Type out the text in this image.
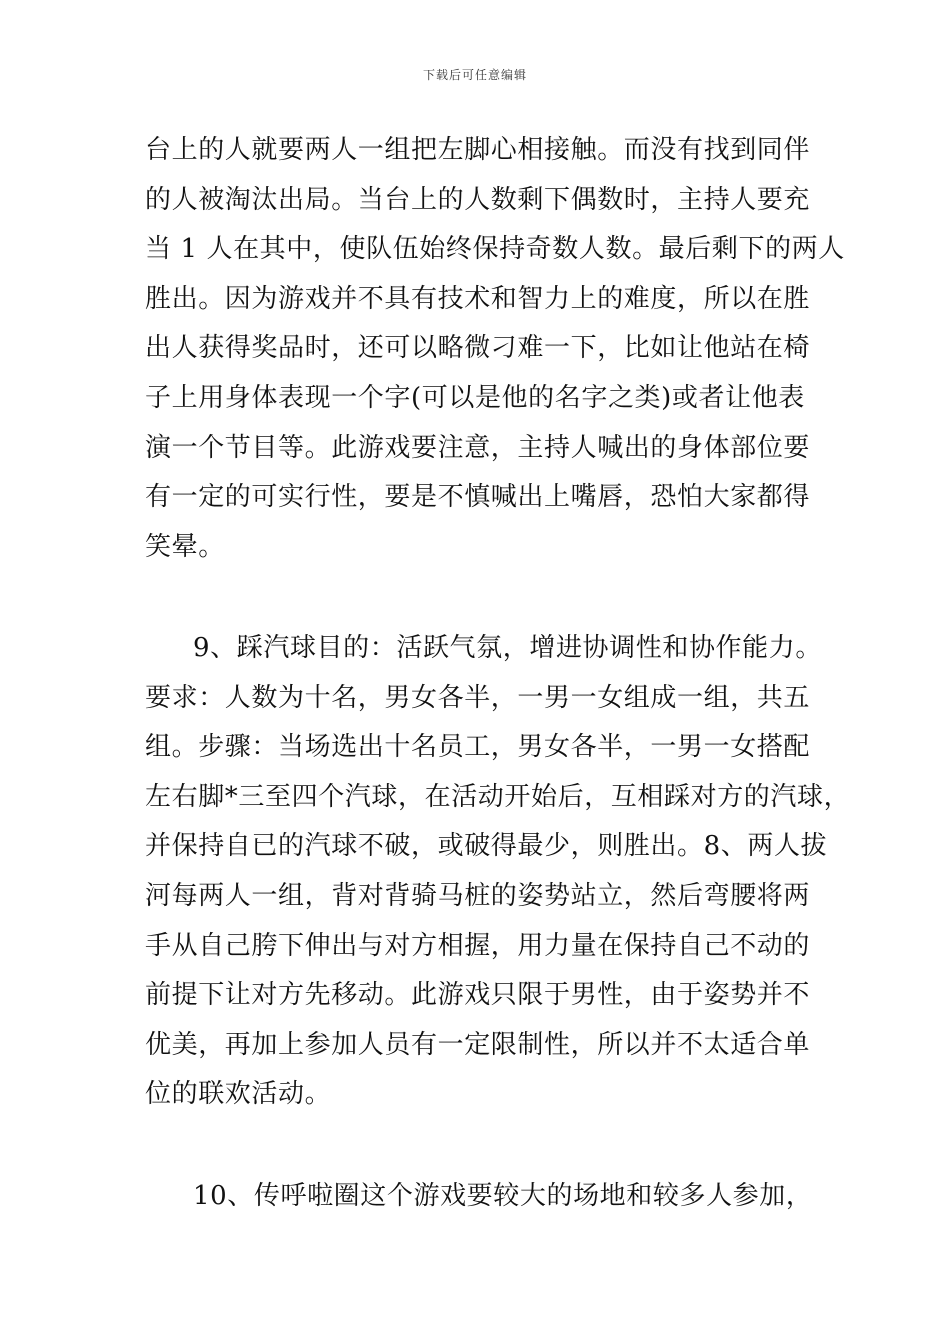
下载后可任意编辑
台上的人就要两人一组把左脚心相接触。而没有找到同伴
的人被淘汰出局。当台上的人数剩下偶数时，主持人要充
当 1 人在其中，使队伍始终保持奇数人数。最后剩下的两人
胜出。因为游戏并不具有技术和智力上的难度，所以在胜
出人获得奖品时，还可以略微刁难一下，比如让他站在椅
子上用身体表现一个字(可以是他的名字之类)或者让他表
演一个节目等。此游戏要注意，主持人喊出的身体部位要
有一定的可实行性，要是不慎喊出上嘴唇，恐怕大家都得
笑晕。
9、踩汽球目的：活跃气氛，增进协调性和协作能力。
要求：人数为十名，男女各半，一男一女组成一组，共五
组。步骤：当场选出十名员工，男女各半，一男一女搭配
左右脚*三至四个汽球，在活动开始后，互相踩对方的汽球，
并保持自已的汽球不破，或破得最少，则胜出。8、两人拔
河每两人一组，背对背骑马桩的姿势站立，然后弯腰将两
手从自己胯下伸出与对方相握，用力量在保持自己不动的
前提下让对方先移动。此游戏只限于男性，由于姿势并不
优美，再加上参加人员有一定限制性，所以并不太适合单
位的联欢活动。
10、传呼啦圈这个游戏要较大的场地和较多人参加，
